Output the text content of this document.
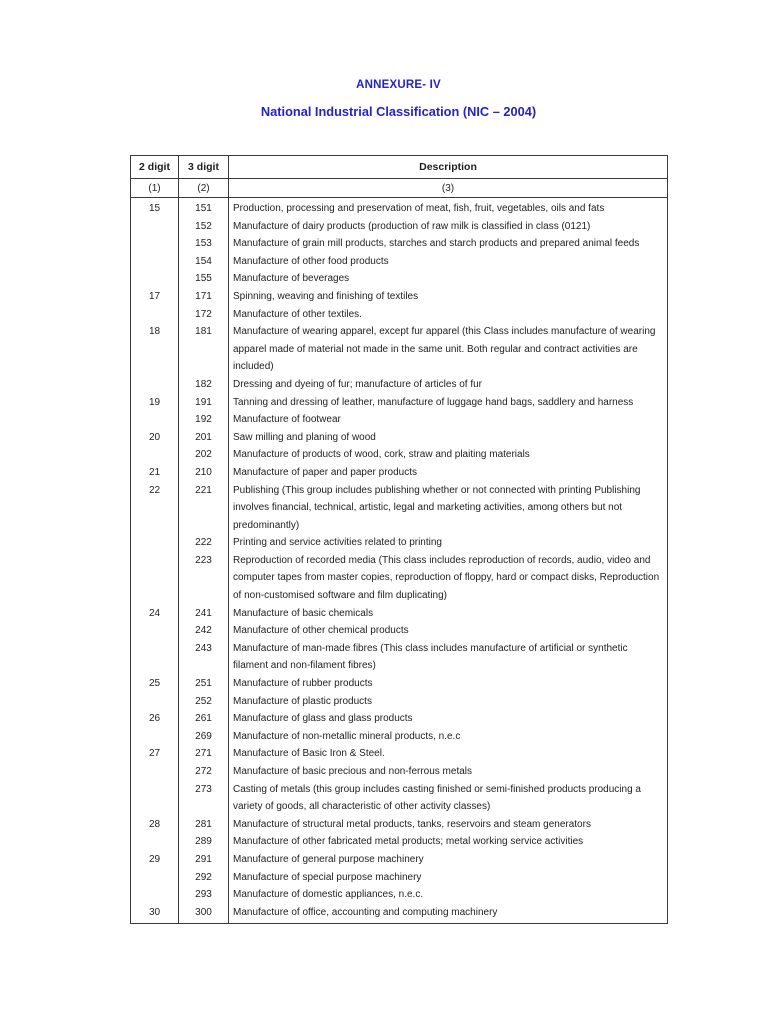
ANNEXURE- IV
National Industrial Classification (NIC – 2004)
2 digit	3 digit	Description
(1)	(2)	(3)
15	151	Production, processing and preservation of meat, fish, fruit, vegetables, oils and fats
	152	Manufacture of dairy products (production of raw milk is classified in class (0121)
	153	Manufacture of grain mill products, starches and starch products and prepared animal feeds
	154	Manufacture of other food products
	155	Manufacture of beverages
17	171	Spinning, weaving and finishing of textiles
	172	Manufacture of other textiles.
18	181	Manufacture of wearing apparel, except fur apparel (this Class includes manufacture of wearing apparel made of material not made in the same unit. Both regular and contract activities are included)
	182	Dressing and dyeing of fur; manufacture of articles of fur
19	191	Tanning and dressing of leather, manufacture of luggage hand bags, saddlery and harness
	192	Manufacture of footwear
20	201	Saw milling and planing of wood
	202	Manufacture of products of wood, cork, straw and plaiting materials
21	210	Manufacture of paper and paper products
22	221	Publishing (This group includes publishing whether or not connected with printing Publishing involves financial, technical, artistic, legal and marketing activities, among others but not predominantly)
	222	Printing and service activities related to printing
	223	Reproduction of recorded media (This class includes reproduction of records, audio, video and computer tapes from master copies, reproduction of floppy, hard or compact disks, Reproduction of non-customised software and film duplicating)
24	241	Manufacture of basic chemicals
	242	Manufacture of other chemical products
	243	Manufacture of man-made fibres (This class includes manufacture of artificial or synthetic filament and non-filament fibres)
25	251	Manufacture of rubber products
	252	Manufacture of plastic products
26	261	Manufacture of glass and glass products
	269	Manufacture of non-metallic mineral products, n.e.c
27	271	Manufacture of Basic Iron & Steel.
	272	Manufacture of basic precious and non-ferrous metals
	273	Casting of metals (this group includes casting finished or semi-finished products producing a variety of goods, all characteristic of other activity classes)
28	281	Manufacture of structural metal products, tanks, reservoirs and steam generators
	289	Manufacture of other fabricated metal products; metal working service activities
29	291	Manufacture of general purpose machinery
	292	Manufacture of special purpose machinery
	293	Manufacture of domestic appliances, n.e.c.
30	300	Manufacture of office, accounting and computing machinery
